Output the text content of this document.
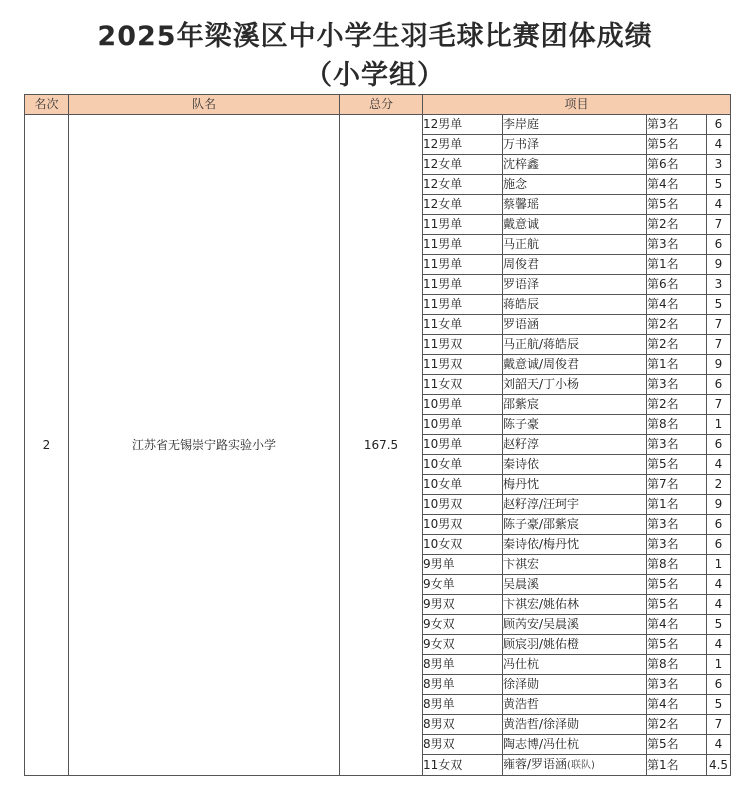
2025年梁溪区中小学生羽毛球比赛团体成绩
（小学组）
名次	队名	总分	项目			
2	江苏省无锡崇宁路实验小学	167.5	12男单	李岸庭	第3名	6
			12男单	万书泽	第5名	4
			12女单	沈梓鑫	第6名	3
			12女单	施念	第4名	5
			12女单	蔡馨瑶	第5名	4
			11男单	戴意诚	第2名	7
			11男单	马正航	第3名	6
			11男单	周俊君	第1名	9
			11男单	罗语泽	第6名	3
			11男单	蒋皓辰	第4名	5
			11女单	罗语涵	第2名	7
			11男双	马正航/蒋皓辰	第2名	7
			11男双	戴意诚/周俊君	第1名	9
			11女双	刘韶天/丁小杨	第3名	6
			10男单	邵紫宸	第2名	7
			10男单	陈子豪	第8名	1
			10男单	赵籽淳	第3名	6
			10女单	秦诗依	第5名	4
			10女单	梅丹忱	第7名	2
			10男双	赵籽淳/汪珂宇	第1名	9
			10男双	陈子豪/邵紫宸	第3名	6
			10女双	秦诗依/梅丹忱	第3名	6
			9男单	卞祺宏	第8名	1
			9女单	吴晨溪	第5名	4
			9男双	卞祺宏/姚佑林	第5名	4
			9女双	顾芮安/吴晨溪	第4名	5
			9女双	顾宸羽/姚佑橙	第5名	4
			8男单	冯仕杭	第8名	1
			8男单	徐泽勋	第3名	6
			8男单	黄浩哲	第4名	5
			8男双	黄浩哲/徐泽勋	第2名	7
			8男双	陶志博/冯仕杭	第5名	4
			11女双	雍蓉/罗语涵(联队)	第1名	4.5
